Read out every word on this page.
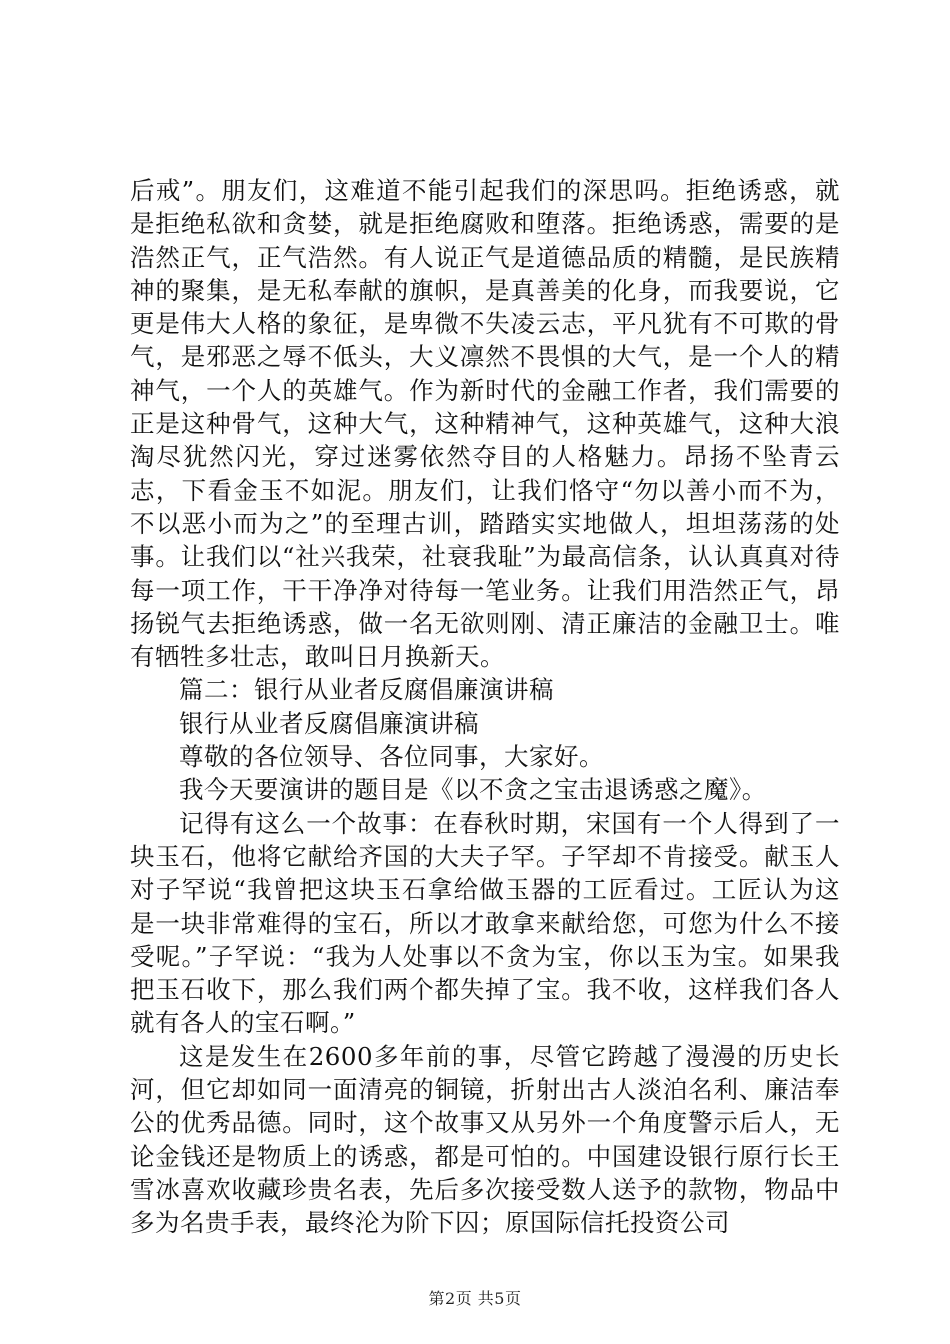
后戒”。朋友们，这难道不能引起我们的深思吗。拒绝诱惑，就是拒绝私欲和贪婪，就是拒绝腐败和堕落。拒绝诱惑，需要的是浩然正气，正气浩然。有人说正气是道德品质的精髓，是民族精神的聚集，是无私奉献的旗帜，是真善美的化身，而我要说，它更是伟大人格的象征，是卑微不失凌云志，平凡犹有不可欺的骨气，是邪恶之辱不低头，大义凛然不畏惧的大气，是一个人的精神气，一个人的英雄气。作为新时代的金融工作者，我们需要的正是这种骨气，这种大气，这种精神气，这种英雄气，这种大浪淘尽犹然闪光，穿过迷雾依然夺目的人格魅力。昂扬不坠青云志，下看金玉不如泥。朋友们，让我们恪守“勿以善小而不为，不以恶小而为之”的至理古训，踏踏实实地做人，坦坦荡荡的处事。让我们以“社兴我荣，社衰我耻”为最高信条，认认真真对待每一项工作，干干净净对待每一笔业务。让我们用浩然正气，昂扬锐气去拒绝诱惑，做一名无欲则刚、清正廉洁的金融卫士。唯有牺牲多壮志，敢叫日月换新天。

篇二：银行从业者反腐倡廉演讲稿

银行从业者反腐倡廉演讲稿

尊敬的各位领导、各位同事，大家好。

我今天要演讲的题目是《以不贪之宝击退诱惑之魔》。

记得有这么一个故事：在春秋时期，宋国有一个人得到了一块玉石，他将它献给齐国的大夫子罕。子罕却不肯接受。献玉人对子罕说“我曾把这块玉石拿给做玉器的工匠看过。工匠认为这是一块非常难得的宝石，所以才敢拿来献给您，可您为什么不接受呢。”子罕说：“我为人处事以不贪为宝，你以玉为宝。如果我把玉石收下，那么我们两个都失掉了宝。我不收，这样我们各人就有各人的宝石啊。”

这是发生在2600多年前的事，尽管它跨越了漫漫的历史长河，但它却如同一面清亮的铜镜，折射出古人淡泊名利、廉洁奉公的优秀品德。同时，这个故事又从另外一个角度警示后人，无论金钱还是物质上的诱惑，都是可怕的。中国建设银行原行长王雪冰喜欢收藏珍贵名表，先后多次接受数人送予的款物，物品中多为名贵手表，最终沦为阶下囚；原国际信托投资公司

第2页 共5页
